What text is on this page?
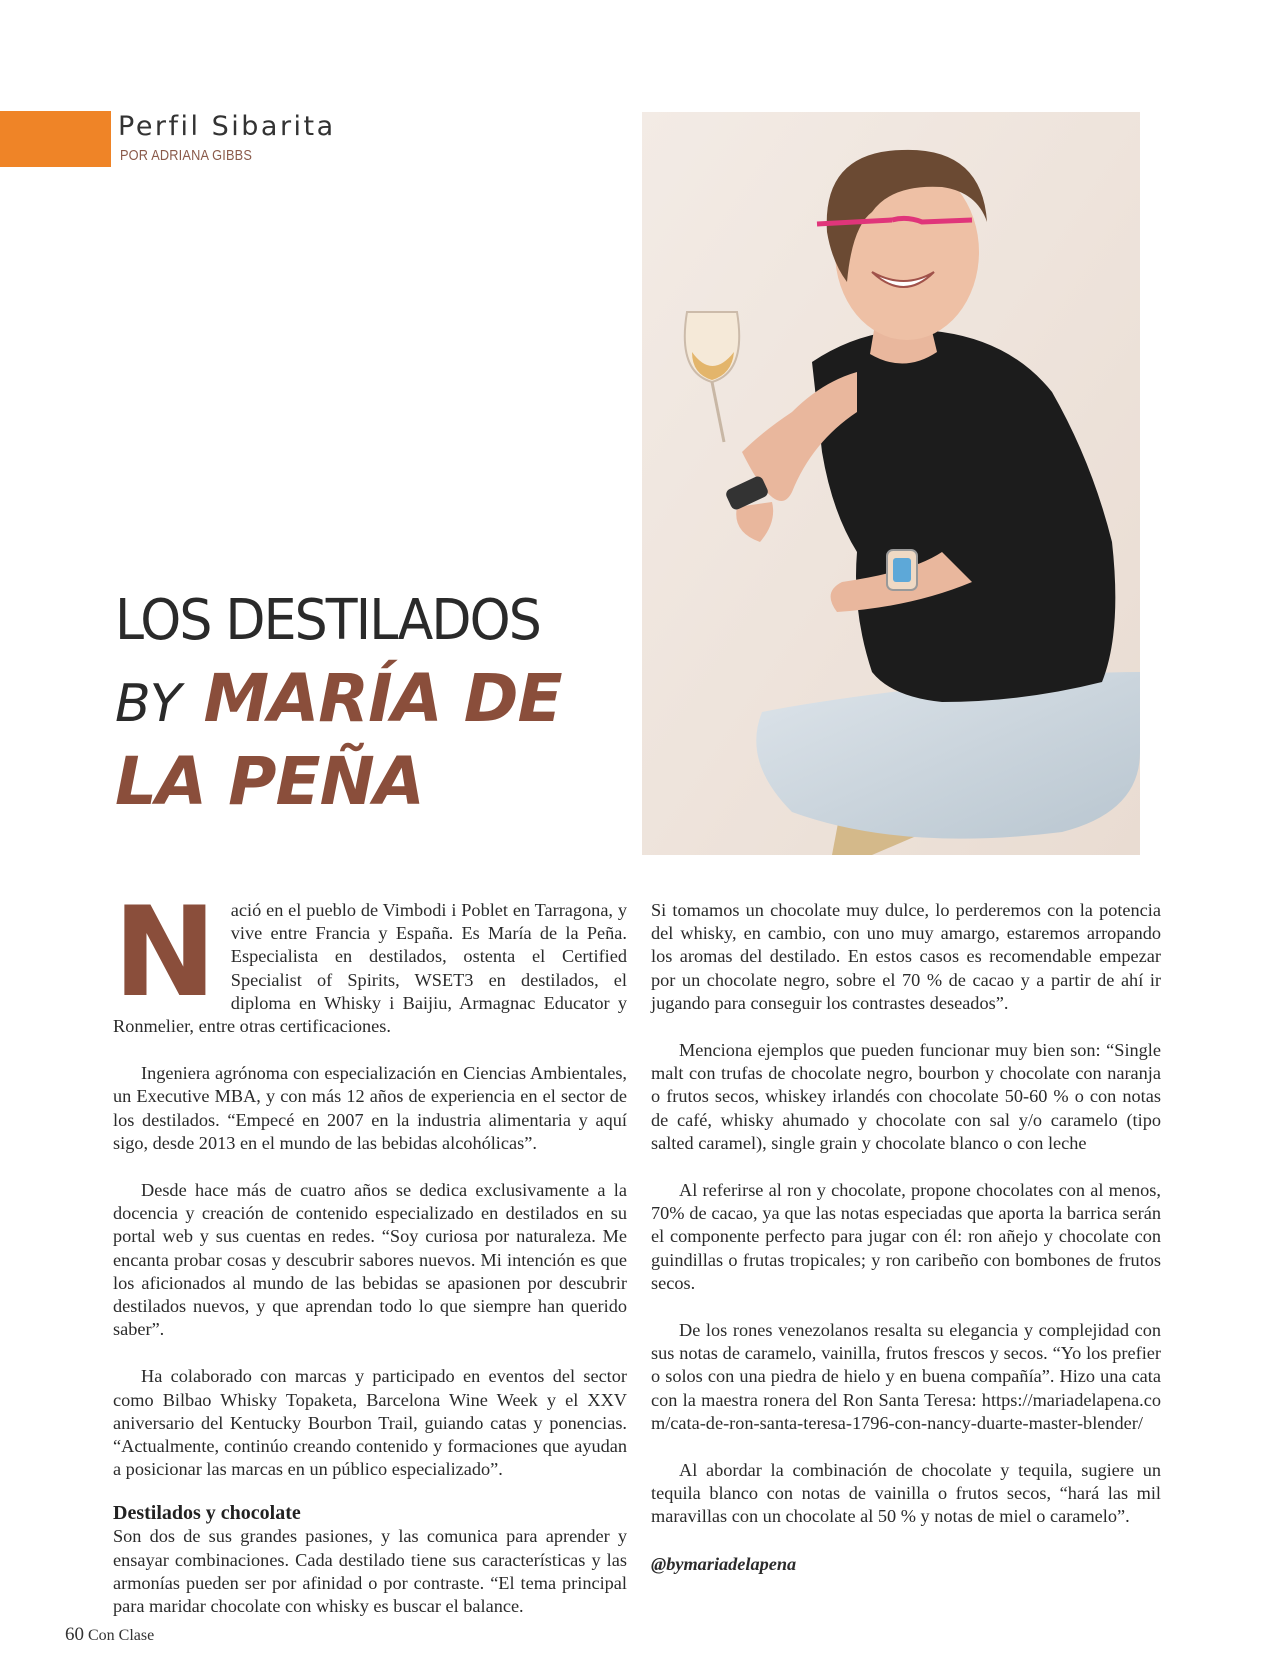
Perfil Sibarita
POR ADRIANA GIBBS
LOS DESTILADOS
BY MARÍA DE
LA PEÑA

Nació en el pueblo de Vimbodi i Poblet en Tarragona, y vive entre Francia y España. Es María de la Peña. Especialista en destilados, ostenta el Certified Specialist of Spirits, WSET3 en destilados, el diploma en Whisky i Baijiu, Armagnac Educator y Ronmelier, entre otras certificaciones.

Ingeniera agrónoma con especialización en Ciencias Ambientales, un Executive MBA, y con más 12 años de experiencia en el sector de los destilados. “Empecé en 2007 en la industria alimentaria y aquí sigo, desde 2013 en el mundo de las bebidas alcohólicas”.

Desde hace más de cuatro años se dedica exclusivamente a la docencia y creación de contenido especializado en destilados en su portal web y sus cuentas en redes. “Soy curiosa por naturaleza. Me encanta probar cosas y descubrir sabores nuevos. Mi intención es que los aficionados al mundo de las bebidas se apasionen por descubrir destilados nuevos, y que aprendan todo lo que siempre han querido saber”.

Ha colaborado con marcas y participado en eventos del sector como Bilbao Whisky Topaketa, Barcelona Wine Week y el XXV aniversario del Kentucky Bourbon Trail, guiando catas y ponencias. “Actualmente, continúo creando contenido y formaciones que ayudan a posicionar las marcas en un público especializado”.

Destilados y chocolate

Son dos de sus grandes pasiones, y las comunica para aprender y ensayar combinaciones. Cada destilado tiene sus características y las armonías pueden ser por afinidad o por contraste. “El tema principal para maridar chocolate con whisky es buscar el balance.

Si tomamos un chocolate muy dulce, lo perderemos con la potencia del whisky, en cambio, con uno muy amargo, estaremos arropando los aromas del destilado. En estos casos es recomendable empezar por un chocolate negro, sobre el 70 % de cacao y a partir de ahí ir jugando para conseguir los contrastes deseados”.

Menciona ejemplos que pueden funcionar muy bien son: “Single malt con trufas de chocolate negro, bourbon y chocolate con naranja o frutos secos, whiskey irlandés con chocolate 50-60 % o con notas de café, whisky ahumado y chocolate con sal y/o caramelo (tipo salted caramel), single grain y chocolate blanco o con leche

Al referirse al ron y chocolate, propone chocolates con al menos, 70% de cacao, ya que las notas especiadas que aporta la barrica serán el componente perfecto para jugar con él: ron añejo y chocolate con guindillas o frutas tropicales; y ron caribeño con bombones de frutos secos.

De los rones venezolanos resalta su elegancia y complejidad con sus notas de caramelo, vainilla, frutos frescos y secos. “Yo los prefiero solos con una piedra de hielo y en buena compañía”. Hizo una cata con la maestra ronera del Ron Santa Teresa: https://mariadelapena.com/cata-de-ron-santa-teresa-1796-con-nancy-duarte-master-blender/

Al abordar la combinación de chocolate y tequila, sugiere un tequila blanco con notas de vainilla o frutos secos, “hará las mil maravillas con un chocolate al 50 % y notas de miel o caramelo”.

@bymariadelapena

60 Con Clase
